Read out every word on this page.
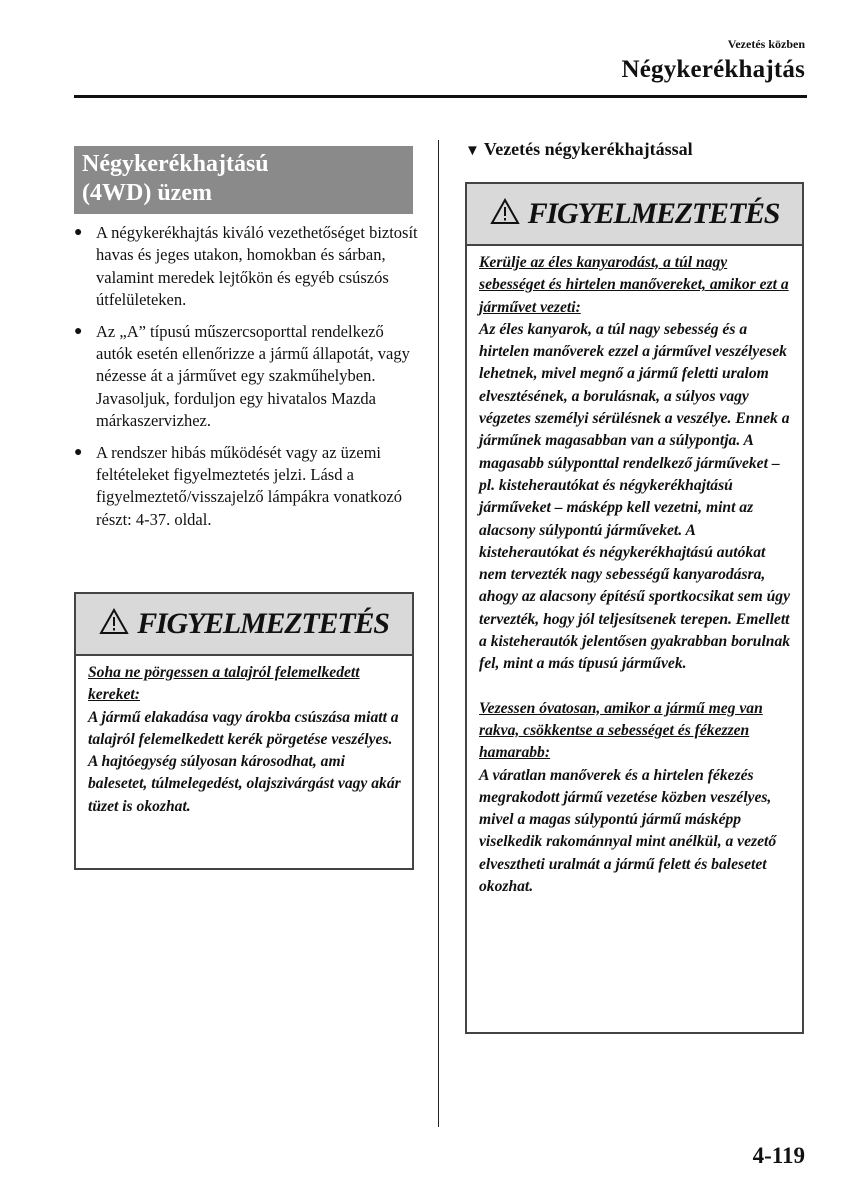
Vezetés közben
Négykerékhajtás
Négykerékhajtású
(4WD) üzem
● A négykerékhajtás kiváló vezethetőséget biztosít havas és jeges utakon, homokban és sárban, valamint meredek lejtőkön és egyéb csúszós útfelületeken.
● Az „A” típusú műszercsoporttal rendelkező autók esetén ellenőrizze a jármű állapotát, vagy nézesse át a járművet egy szakműhelyben. Javasoljuk, forduljon egy hivatalos Mazda márkaszervizhez.
● A rendszer hibás működését vagy az üzemi feltételeket figyelmeztetés jelzi. Lásd a figyelmeztető/visszajelző lámpákra vonatkozó részt: 4-37. oldal.
FIGYELMEZTETÉS

Soha ne pörgessen a talajról felemelkedett kereket:

A jármű elakadása vagy árokba csúszása miatt a talajról felemelkedett kerék pörgetése veszélyes. A hajtóegység súlyosan károsodhat, ami balesetet, túlmelegedést, olajszivárgást vagy akár tüzet is okozhat.

▼ Vezetés négykerékhajtással
FIGYELMEZTETÉS

Kerülje az éles kanyarodást, a túl nagy sebességet és hirtelen manővereket, amikor ezt a járművet vezeti:

Az éles kanyarok, a túl nagy sebesség és a hirtelen manőverek ezzel a járművel veszélyesek lehetnek, mivel megnő a jármű feletti uralom elvesztésének, a borulásnak, a súlyos vagy végzetes személyi sérülésnek a veszélye. Ennek a járműnek magasabban van a súlypontja. A magasabb súlyponttal rendelkező járműveket – pl. kisteherautókat és négykerékhajtású járműveket – másképp kell vezetni, mint az alacsony súlypontú járműveket. A kisteherautókat és négykerékhajtású autókat nem tervezték nagy sebességű kanyarodásra, ahogy az alacsony építésű sportkocsikat sem úgy tervezték, hogy jól teljesítsenek terepen. Emellett a kisteherautók jelentősen gyakrabban borulnak fel, mint a más típusú járművek.

Vezessen óvatosan, amikor a jármű meg van rakva, csökkentse a sebességet és fékezzen hamarabb:

A váratlan manőverek és a hirtelen fékezés megrakodott jármű vezetése közben veszélyes, mivel a magas súlypontú jármű másképp viselkedik rakománnyal mint anélkül, a vezető elvesztheti uralmát a jármű felett és balesetet okozhat.

4-119
